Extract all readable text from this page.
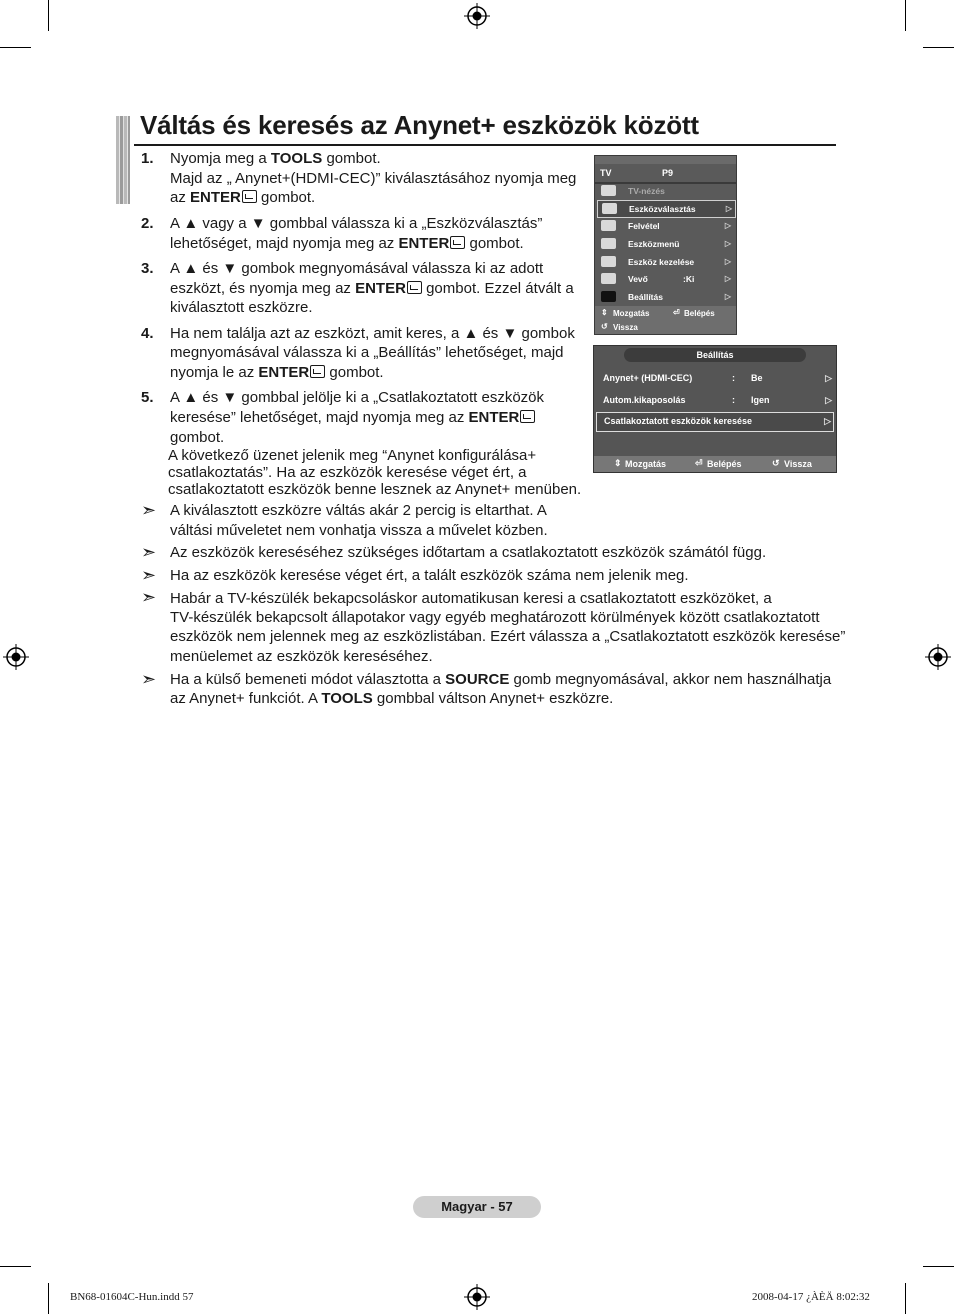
Váltás és keresés az Anynet+ eszközök között
1. Nyomja meg a TOOLS gombot.
Majd az „ Anynet+(HDMI-CEC)” kiválasztásához nyomja meg
az ENTER gombot.
2. A ▲ vagy a ▼ gombbal válassza ki a „Eszközválasztás”
lehetőséget, majd nyomja meg az ENTER gombot.
3. A ▲ és ▼ gombok megnyomásával válassza ki az adott
eszközt, és nyomja meg az ENTER gombot. Ezzel átvált a
kiválasztott eszközre.
4. Ha nem találja azt az eszközt, amit keres, a ▲ és ▼ gombok
megnyomásával válassza ki a „Beállítás” lehetőséget, majd
nyomja le az ENTER gombot.
5. A ▲ és ▼ gombbal jelölje ki a „Csatlakoztatott eszközök
keresése” lehetőséget, majd nyomja meg az ENTER
gombot.
A következő üzenet jelenik meg “Anynet konfigurálása+
csatlakoztatás”. Ha az eszközök keresése véget ért, a
csatlakoztatott eszközök benne lesznek az Anynet+ menüben.
➣ A kiválasztott eszközre váltás akár 2 percig is eltarthat. A
váltási műveletet nem vonhatja vissza a művelet közben.
➣ Az eszközök kereséséhez szükséges időtartam a csatlakoztatott eszközök számától függ.
➣ Ha az eszközök keresése véget ért, a talált eszközök száma nem jelenik meg.
➣ Habár a TV-készülék bekapcsoláskor automatikusan keresi a csatlakoztatott eszközöket, a
TV-készülék bekapcsolt állapotakor vagy egyéb meghatározott körülmények között csatlakoztatott
eszközök nem jelennek meg az eszközlistában. Ezért válassza a „Csatlakoztatott eszközök keresése”
menüelemet az eszközök kereséséhez.
➣ Ha a külső bemeneti módot választotta a SOURCE gomb megnyomásával, akkor nem használhatja
az Anynet+ funkciót. A TOOLS gombbal váltson Anynet+ eszközre.
TV	P9
TV-nézés
Eszközválasztás	▷
Felvétel	▷
Eszközmenü	▷
Eszköz kezelése	▷
Vevő	:Ki	▷
Beállítás	▷
⇕ Mozgatás	⏎ Belépés
↺ Vissza
Beállítás
Anynet+ (HDMI-CEC)	: Be	▷
Autom.kikaposolás	: Igen	▷
Csatlakoztatott eszközök keresése	▷
⇕ Mozgatás	⏎ Belépés	↺ Vissza
Magyar - 57
BN68-01604C-Hun.indd 57	2008-04-17 ¿ÀÈÄ 8:02:32
